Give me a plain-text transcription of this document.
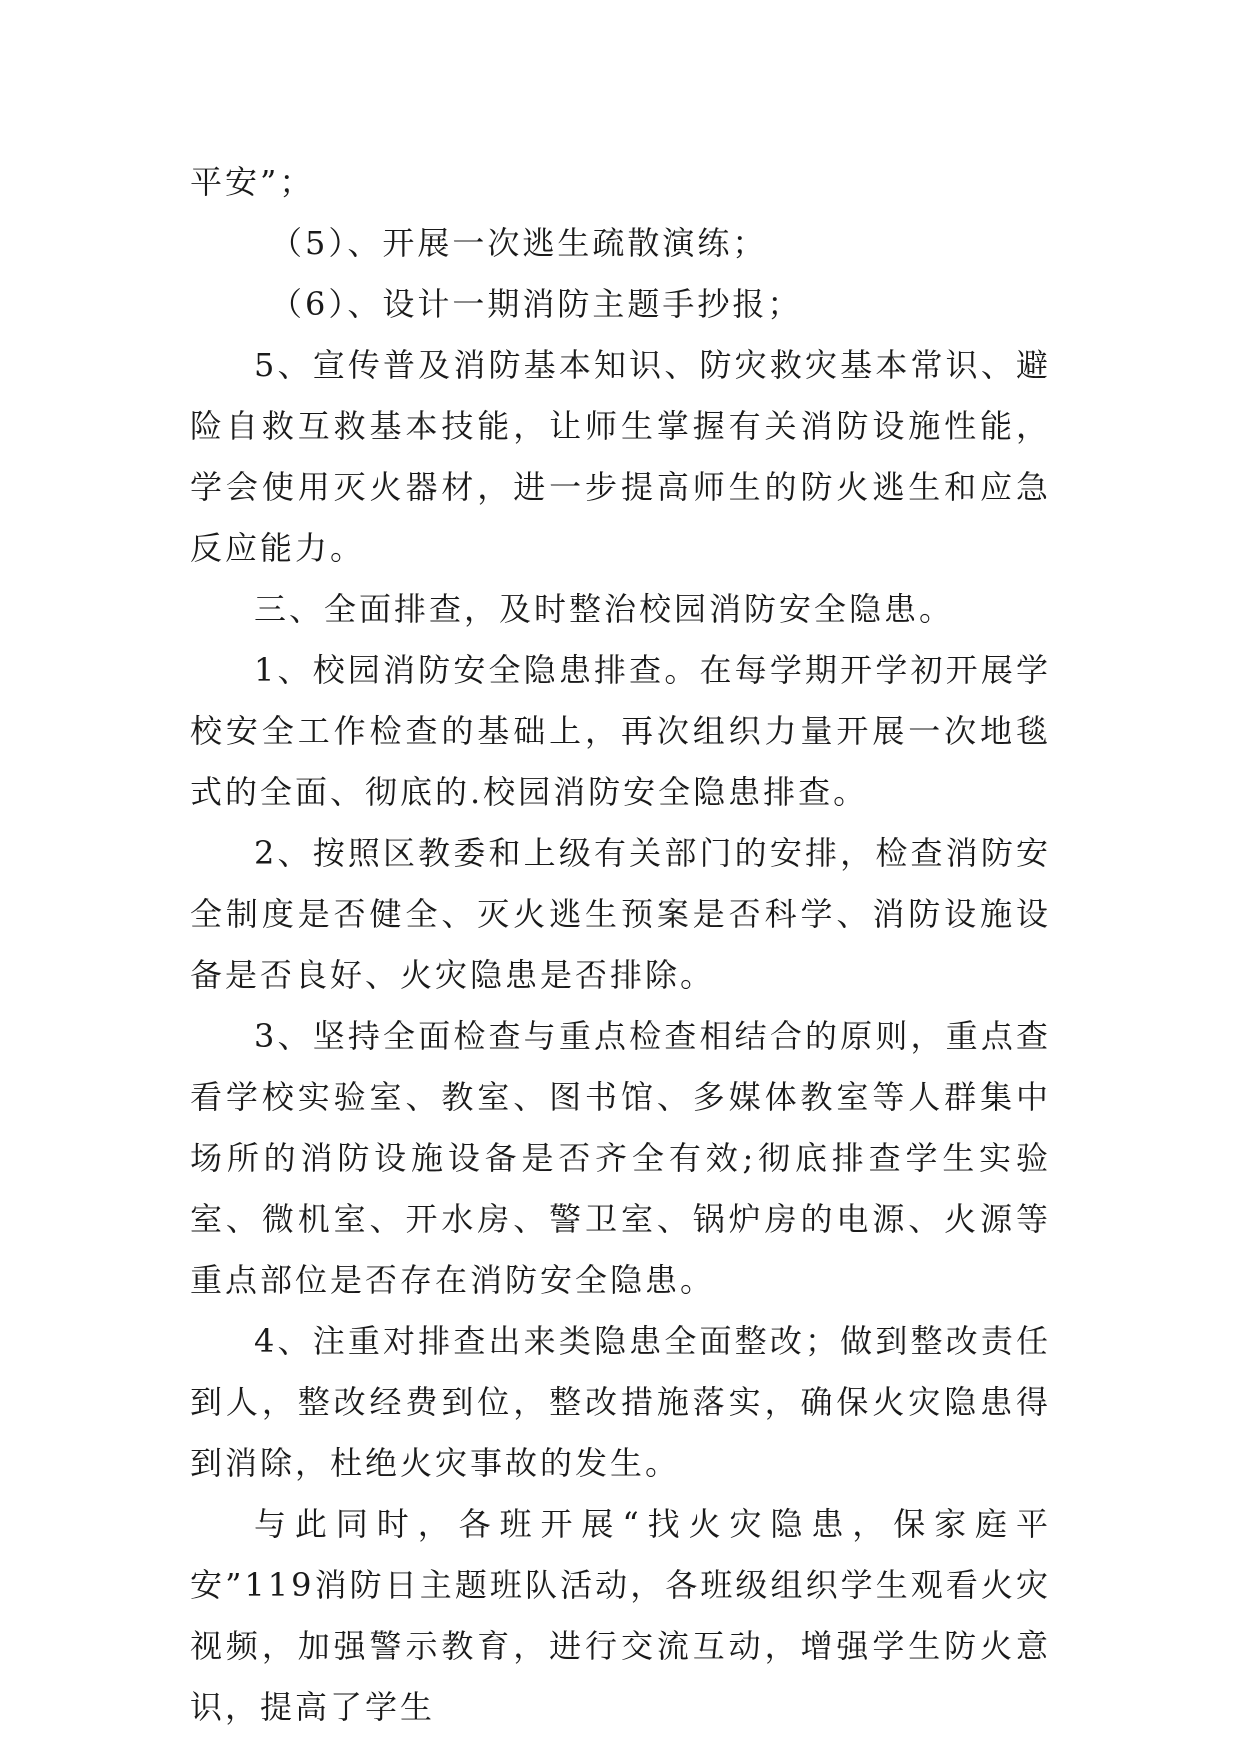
平安”；

（5）、开展一次逃生疏散演练；

（6）、设计一期消防主题手抄报；

5、宣传普及消防基本知识、防灾救灾基本常识、避险自救互救基本技能，让师生掌握有关消防设施性能，学会使用灭火器材，进一步提高师生的防火逃生和应急反应能力。

三、全面排查，及时整治校园消防安全隐患。

1、校园消防安全隐患排查。在每学期开学初开展学校安全工作检查的基础上，再次组织力量开展一次地毯式的全面、彻底的.校园消防安全隐患排查。

2、按照区教委和上级有关部门的安排，检查消防安全制度是否健全、灭火逃生预案是否科学、消防设施设备是否良好、火灾隐患是否排除。

3、坚持全面检查与重点检查相结合的原则，重点查看学校实验室、教室、图书馆、多媒体教室等人群集中场所的消防设施设备是否齐全有效;彻底排查学生实验室、微机室、开水房、警卫室、锅炉房的电源、火源等重点部位是否存在消防安全隐患。

4、注重对排查出来类隐患全面整改；做到整改责任到人，整改经费到位，整改措施落实，确保火灾隐患得到消除，杜绝火灾事故的发生。

与此同时，各班开展“找火灾隐患，保家庭平安”119消防日主题班队活动，各班级组织学生观看火灾视频，加强警示教育，进行交流互动，增强学生防火意识，提高了学生
